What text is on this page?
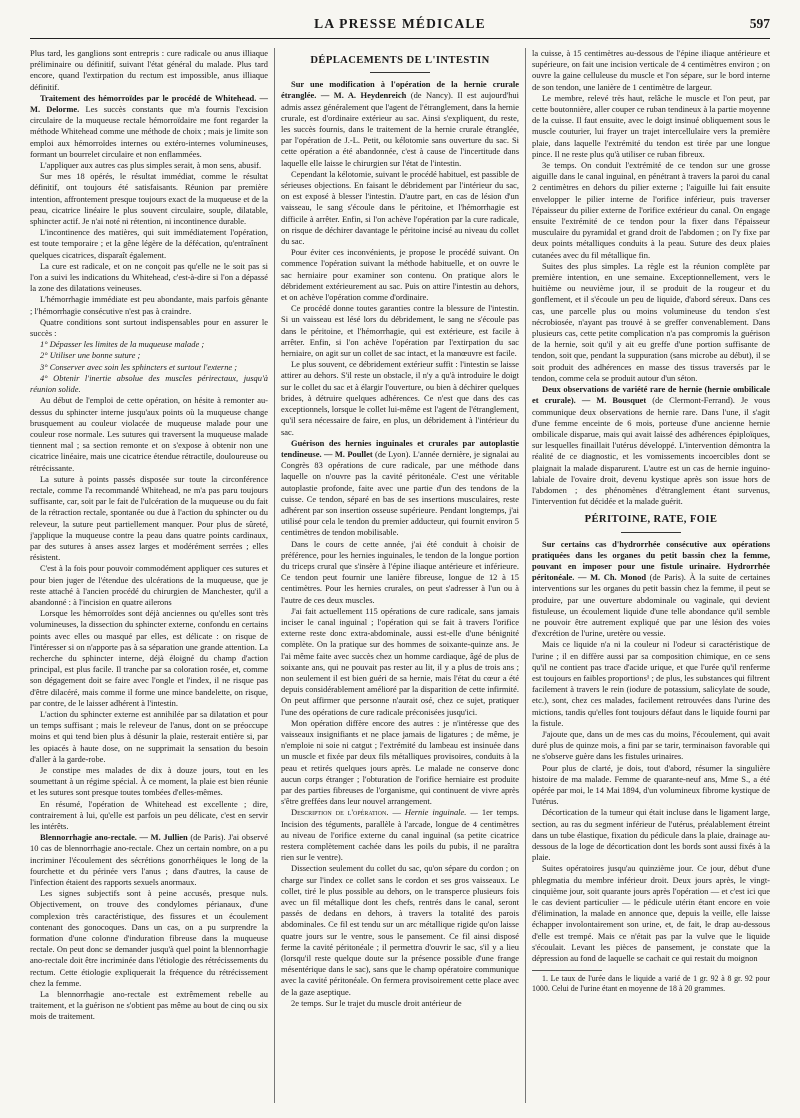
LA PRESSE MÉDICALE	597

Plus tard, les ganglions sont entrepris : cure radicale ou anus illiaque préliminaire ou définitif, suivant l'état général du malade. Plus tard encore, quand l'extirpation du rectum est impossible, anus illiaque définitif.

Traitement des hémorroïdes par le procédé de Whitehead. — M. Delorme. Les succès constants que m'a fournis l'excision circulaire de la muqueuse rectale hémorroïdaire me font regarder la méthode Whitehead comme une méthode de choix ; mais je limite son emploi aux hémorroïdes internes ou extéro-internes volumineuses, formant un bourrelet circulaire et non enflammées.

L'appliquer aux autres cas plus simples serait, à mon sens, abusif.

Sur mes 18 opérés, le résultat immédiat, comme le résultat définitif, ont toujours été satisfaisants. Réunion par première intention, affrontement presque toujours exact de la muqueuse et de la peau, cicatrice linéaire le plus souvent circulaire, souple, dilatable, sphincter actif. Je n'ai noté ni rétention, ni incontinence durable.

L'incontinence des matières, qui suit immédiatement l'opération, est toute temporaire ; et la gêne légère de la défécation, qu'entraînent quelques cicatrices, disparaît également.

La cure est radicale, et on ne conçoit pas qu'elle ne le soit pas si l'on a suivi les indications du Whitehead, c'est-à-dire si l'on a dépassé la zone des dilatations veineuses.

L'hémorrhagie immédiate est peu abondante, mais parfois gênante ; l'hémorrhagie consécutive n'est pas à craindre.

Quatre conditions sont surtout indispensables pour en assurer le succès :

1° Dépasser les limites de la muqueuse malade ;

2° Utiliser une bonne suture ;

3° Conserver avec soin les sphincters et surtout l'externe ;

4° Obtenir l'inertie absolue des muscles périrectaux, jusqu'à réunion solide.

Au début de l'emploi de cette opération, on hésite à remonter au-dessus du sphincter interne jusqu'aux points où la muqueuse change brusquement au couleur violacée de muqueuse malade pour une couleur rose normale. Les sutures qui traversent la muqueuse malade tiennent mal ; sa section remonte et on s'expose à obtenir non une cicatrice linéaire, mais une cicatrice étendue rétractile, douloureuse ou rétrécissante.

La suture à points passés disposée sur toute la circonférence rectale, comme l'a recommandé Whitehead, ne m'a pas paru toujours suffisante, car, soit par le fait de l'ulcération de la muqueuse ou du fait de la rétraction rectale, spontanée ou due à l'action du sphincter ou du releveur, la suture peut partiellement manquer. Pour plus de sûreté, j'applique la muqueuse contre la peau dans quatre points cardinaux, par des sutures à anses assez larges et modérément serrées ; elles résistent.

C'est à la fois pour pouvoir commodément appliquer ces sutures et pour bien juger de l'étendue des ulcérations de la muqueuse, que je reste attaché à l'ancien procédé du chirurgien de Manchester, qu'il a abandonné : à l'incision en quatre ailerons

Lorsque les hémorroïdes sont déjà anciennes ou qu'elles sont très volumineuses, la dissection du sphincter externe, confondu en certains points avec elles ou masqué par elles, est délicate : on risque de l'intéresser si on n'apporte pas à sa séparation une grande attention. La recherche du sphincter interne, déjà éloigné du champ d'action principal, est plus facile. Il tranche par sa coloration rosée, et, comme son dégagement doit se faire avec l'ongle et l'index, il ne risque pas d'être dilacéré, mais comme il forme une mince bandelette, on risque, par contre, de le laisser adhérent à l'intestin.

L'action du sphincter externe est annihilée par sa dilatation et pour un temps suffisant ; mais le releveur de l'anus, dont on se préoccupe moins et qui tend bien plus à désunir la plaie, resterait entière si, par les opiacés à haute dose, on ne supprimait la sensation du besoin d'aller à la garde-robe.

Je constipe mes malades de dix à douze jours, tout en les soumettant à un régime spécial. À ce moment, la plaie est bien réunie et les sutures sont presque toutes tombées d'elles-mêmes.

En résumé, l'opération de Whitehead est excellente ; dire, contrairement à lui, qu'elle est parfois un peu délicate, c'est en servir les intérêts.

Blennorrhagie ano-rectale. — M. Jullien (de Paris). J'ai observé 10 cas de blennorrhagie ano-rectale. Chez un certain nombre, on a pu incriminer l'écoulement des sécrétions gonorrhéiques le long de la fourchette et du périnée vers l'anus ; dans d'autres, la cause de l'infection étaient des rapports sexuels anormaux.

Les signes subjectifs sont à peine accusés, presque nuls. Objectivement, on trouve des condylomes périanaux, d'une complexion très caractéristique, des fissures et un écoulement contenant des gonocoques. Dans un cas, on a pu surprendre la formation d'une colonne d'induration fibreuse dans la muqueuse rectale. On peut donc se demander jusqu'à quel point la blennorrhagie ano-rectale doit être incriminée dans l'étiologie des rétrécissements du rectum. Cette étiologie expliquerait la fréquence du rétrécissement chez la femme.

La blennorrhagie ano-rectale est extrêmement rebelle au traitement, et la guérison ne s'obtient pas même au bout de cinq ou six mois de traitement.

DÉPLACEMENTS DE L'INTESTIN

Sur une modification à l'opération de la hernie crurale étranglée. — M. A. Heydenreich (de Nancy). Il est aujourd'hui admis assez généralement que l'agent de l'étranglement, dans la hernie crurale, est d'ordinaire extérieur au sac. Ainsi s'expliquent, du reste, les succès fournis, dans le traitement de la hernie crurale étranglée, par l'opération de J.-L. Petit, ou kélotomie sans ouverture du sac. Si cette opération a été abandonnée, c'est à cause de l'incertitude dans laquelle elle laisse le chirurgien sur l'état de l'intestin.

Cependant la kélotomie, suivant le procédé habituel, est passible de sérieuses objections. En faisant le débridement par l'intérieur du sac, on est exposé à blesser l'intestin. D'autre part, en cas de lésion d'un vaisseau, le sang s'écoule dans le péritoine, et l'hémorrhagie est difficile à arrêter. Enfin, si l'on achève l'opération par la cure radicale, on risque de déchirer davantage le péritoine incisé au niveau du collet du sac.

Pour éviter ces inconvénients, je propose le procédé suivant. On commence l'opération suivant la méthode habituelle, et on ouvre le sac herniaire pour examiner son contenu. On pratique alors le débridement extérieurement au sac. Puis on attire l'intestin au dehors, et on achève l'opération comme d'ordinaire.

Ce procédé donne toutes garanties contre la blessure de l'intestin. Si un vaisseau est lésé lors du débridement, le sang ne s'écoule pas dans le péritoine, et l'hémorrhagie, qui est extérieure, est facile à arrêter. Enfin, si l'on achève l'opération par l'extirpation du sac herniaire, on agit sur un collet de sac intact, et la manœuvre est facile.

Le plus souvent, ce débridement extérieur suffit : l'intestin se laisse attirer au dehors. S'il reste un obstacle, il n'y a qu'à introduire le doigt sur le collet du sac et à élargir l'ouverture, ou bien à déchirer quelques brides, à détruire quelques adhérences. Ce n'est que dans des cas exceptionnels, lorsque le collet lui-même est l'agent de l'étranglement, qu'il sera nécessaire de faire, en plus, un débridement à l'intérieur du sac.

Guérison des hernies inguinales et crurales par autoplastie tendineuse. — M. Poullet (de Lyon). L'année dernière, je signalai au Congrès 83 opérations de cure radicale, par une méthode dans laquelle on n'ouvre pas la cavité péritonéale. C'est une véritable autoplastie profonde, faite avec une partie d'un des tendons de la cuisse. Ce tendon, séparé en bas de ses insertions musculaires, reste adhérent par son insertion osseuse supérieure. Pendant longtemps, j'ai utilisé pour cela le tendon du premier adducteur, qui fournit environ 5 centimètres de tendon mobilisable.

Dans le cours de cette année, j'ai été conduit à choisir de préférence, pour les hernies inguinales, le tendon de la longue portion du triceps crural que s'insère à l'épine iliaque antérieure et inférieure. Ce tendon peut fournir une lanière fibreuse, longue de 12 à 15 centimètres. Pour les hernies crurales, on peut s'adresser à l'un ou à l'autre de ces deux muscles.

J'ai fait actuellement 115 opérations de cure radicale, sans jamais inciser le canal inguinal ; l'opération qui se fait à travers l'orifice externe reste donc extra-abdominale, aussi est-elle d'une bénignité complète. On la pratique sur des hommes de soixante-quinze ans. Je l'ai même faite avec succès chez un homme cardiaque, âgé de plus de soixante ans, qui ne pouvait pas rester au lit, il y a plus de trois ans ; non seulement il est bien guéri de sa hernie, mais l'état du cœur a été depuis considérablement amélioré par la disparition de cette infirmité. On peut affirmer que personne n'aurait osé, chez ce sujet, pratiquer l'une des opérations de cure radicale préconisées jusqu'ici.

Mon opération diffère encore des autres : je n'intéresse que des vaisseaux insignifiants et ne place jamais de ligatures ; de même, je n'emploie ni soie ni catgut ; l'extrémité du lambeau est insinuée dans un muscle et fixée par deux fils métalliques provisoires, conduits à la peau et retirés quelques jours après. Le malade ne conserve donc aucun corps étranger ; l'obturation de l'orifice herniaire est produite par des parties fibreuses de l'organisme, qui continuent de vivre après s'être greffées dans leur nouvel arrangement.

Description de l'opération. — Hernie inguinale. — 1er temps. Incision des téguments, parallèle à l'arcade, longue de 4 centimètres au niveau de l'orifice externe du canal inguinal (sa petite cicatrice restera complètement cachée dans les poils du pubis, il ne paraîtra rien sur le ventre).

Dissection seulement du collet du sac, qu'on sépare du cordon ; on charge sur l'index ce collet sans le cordon et ses gros vaisseaux. Le collet, tiré le plus possible au dehors, on le transperce plusieurs fois avec un fil métallique dont les chefs, rentrés dans le canal, seront passés de dedans en dehors, à travers la totalité des parois abdominales. Ce fil est tendu sur un arc métallique rigide qu'on laisse quatre jours sur le ventre, sous le pansement. Ce fil ainsi disposé ferme la cavité péritonéale ; il permettra d'ouvrir le sac, s'il y a lieu (lorsqu'il reste quelque doute sur la présence possible d'une frange mésentérique dans le sac), sans que le champ opératoire communique avec la cavité péritonéale. On fermera provisoirement cette place avec de la gaze aseptique.

2e temps. Sur le trajet du muscle droit antérieur de

la cuisse, à 15 centimètres au-dessous de l'épine iliaque antérieure et supérieure, on fait une incision verticale de 4 centimètres environ ; on ouvre la gaine celluleuse du muscle et l'on sépare, sur le bord interne de son tendon, une lanière de 1 centimètre de largeur.

Le membre, relevé très haut, relâche le muscle et l'on peut, par cette boutonnière, aller couper ce ruban tendineux à la partie moyenne de la cuisse. Il faut ensuite, avec le doigt insinué obliquement sous le muscle couturier, lui frayer un trajet intercellulaire vers la première plaie, dans laquelle l'extrémité du tendon est tirée par une longue pince. Il ne reste plus qu'à utiliser ce ruban fibreux.

3e temps. On conduit l'extrémité de ce tendon sur une grosse aiguille dans le canal inguinal, en pénétrant à travers la paroi du canal 2 centimètres en dehors du pilier externe ; l'aiguille lui fait ensuite envelopper le pilier interne de l'orifice inférieur, puis traverser l'épaisseur du pilier externe de l'orifice extérieur du canal. On engage ensuite l'extrémité de ce tendon pour la fixer dans l'épaisseur musculaire du pyramidal et grand droit de l'abdomen ; on l'y fixe par deux points métalliques conduits à la peau. Suture des deux plaies cutanées avec du fil métallique fin.

Suites des plus simples. La règle est la réunion complète par première intention, en une semaine. Exceptionnellement, vers le huitième ou neuvième jour, il se produit de la rougeur et du gonflement, et il s'écoule un peu de liquide, d'abord séreux. Dans ces cas, une parcelle plus ou moins volumineuse du tendon s'est nécrobiosée, n'ayant pas trouvé à se greffer convenablement. Dans plusieurs cas, cette petite complication n'a pas compromis la guérison de la hernie, soit qu'il y ait eu greffe d'une portion suffisante de tendon, soit que, pendant la suppuration (sans microbe au début), il se soit produit des adhérences en masse des tissus traversés par le tendon, comme cela se produit autour d'un séton.

Deux observations de variété rare de hernie (hernie ombilicale et crurale). — M. Bousquet (de Clermont-Ferrand). Je vous communique deux observations de hernie rare. Dans l'une, il s'agit d'une femme enceinte de 6 mois, porteuse d'une ancienne hernie ombilicale disparue, mais qui avait laissé des adhérences épiploïques, sur lesquelles finaillait l'utérus développé. L'intervention démontra la réalité de ce diagnostic, et les vomissements incoercibles dont se plaignait la malade disparurent. L'autre est un cas de hernie inguino-labiale de l'ovaire droit, devenu kystique après son issue hors de l'abdomen ; des phénomènes d'étranglement étant survenus, l'intervention fut décidée et la malade guérit.

PÉRITOINE, RATE, FOIE

Sur certains cas d'hydrorrhée consécutive aux opérations pratiquées dans les organes du petit bassin chez la femme, pouvant en imposer pour une fistule urinaire. Hydrorrhée péritonéale. — M. Ch. Monod (de Paris). À la suite de certaines interventions sur les organes du petit bassin chez la femme, il peut se produire, par une ouverture abdominale ou vaginale, qui devient fistuleuse, un écoulement liquide d'une telle abondance qu'il semble ne pouvoir être autrement expliqué que par une lésion des voies d'excrétion de l'urine, uretère ou vessie.

Mais ce liquide n'a ni la couleur ni l'odeur si caractéristique de l'urine ; il en diffère aussi par sa composition chimique, en ce sens qu'il ne contient pas trace d'acide urique, et que l'urée qu'il renferme est toujours en faibles proportions¹ ; de plus, les substances qui filtrent facilement à travers le rein (iodure de potassium, salicylate de soude, etc.), sont, chez ces malades, facilement retrouvées dans l'urine des mictions, tandis qu'elles font toujours défaut dans le liquide fourni par la fistule.

J'ajoute que, dans un de mes cas du moins, l'écoulement, qui avait duré plus de quinze mois, a fini par se tarir, terminaison favorable qui ne s'observe guère dans les fistules urinaires.

Pour plus de clarté, je dois, tout d'abord, résumer la singulière histoire de ma malade. Femme de quarante-neuf ans, Mme S., a été opérée par moi, le 14 Mai 1894, d'un volumineux fibrome kystique de l'utérus.

Décortication de la tumeur qui était incluse dans le ligament large, section, au ras du segment inférieur de l'utérus, préalablement étreint dans un tube élastique, fixation du pédicule dans la plaie, drainage au-dessous de la loge de décortication dont les bords sont aussi fixés à la plaie.

Suites opératoires jusqu'au quinzième jour. Ce jour, début d'une phlegmatia du membre inférieur droit. Deux jours après, le vingt-cinquième jour, soit quarante jours après l'opération — et c'est ici que le cas devient particulier — le pédicule utérin étant encore en voie d'élimination, la malade en annonce que, depuis la veille, elle laisse échapper involontairement son urine, et, de fait, le drap au-dessous d'elle est trempé. Mais ce n'était pas par la vulve que le liquide s'écoulait. Levant les pièces de pansement, je constate que la dépression au fond de laquelle se cachait ce qui restait du moignon

1. Le taux de l'urée dans le liquide a varié de 1 gr. 92 à 8 gr. 92 pour 1000. Celui de l'urine étant en moyenne de 18 à 20 grammes.
